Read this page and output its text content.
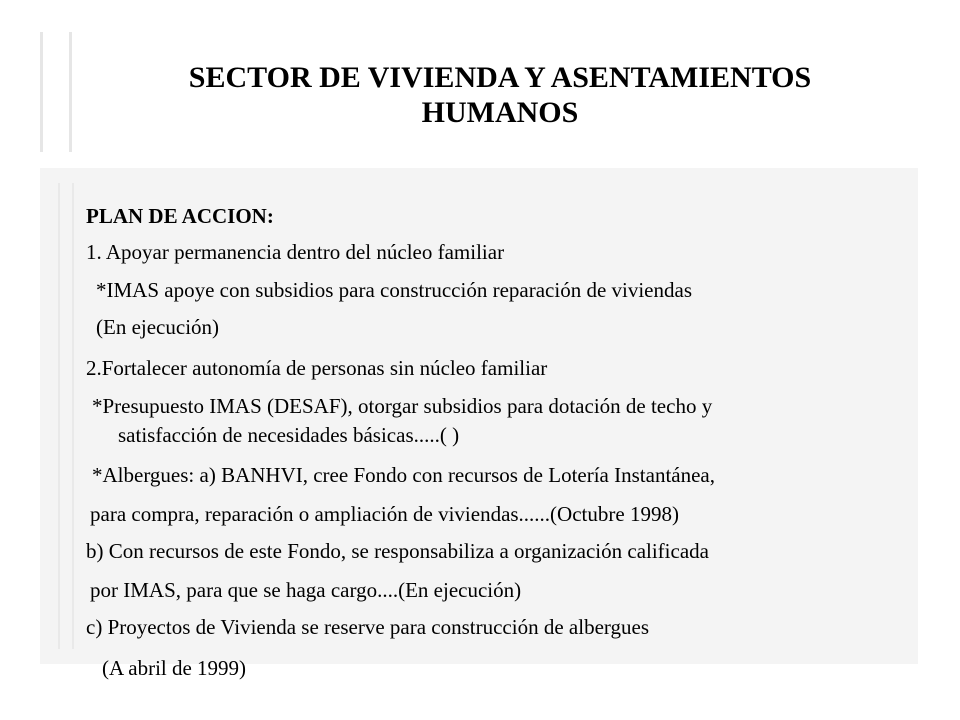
SECTOR DE VIVIENDA Y ASENTAMIENTOS
HUMANOS
PLAN DE ACCION:
1. Apoyar permanencia dentro del núcleo familiar
*IMAS apoye con subsidios para construcción reparación de viviendas
(En ejecución)
2.Fortalecer autonomía de personas sin núcleo familiar
*Presupuesto IMAS (DESAF), otorgar subsidios para dotación de techo y
satisfacción de necesidades básicas.....( )
*Albergues: a) BANHVI, cree Fondo con recursos de Lotería Instantánea,
para compra, reparación o ampliación de viviendas......(Octubre 1998)
b) Con recursos de este Fondo, se responsabiliza a organización calificada
por IMAS, para que se haga cargo....(En ejecución)
c) Proyectos de Vivienda se reserve para construcción de albergues
(A abril de 1999)
